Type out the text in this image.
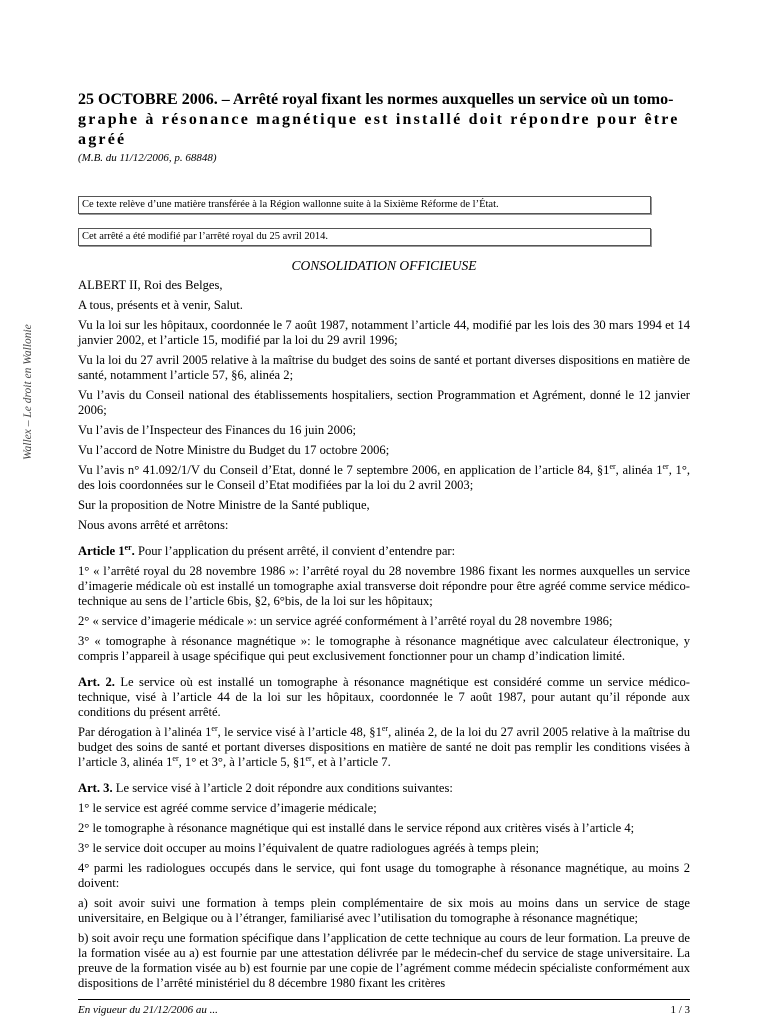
Wallex – Le droit en Wallonie
25 OCTOBRE 2006. – Arrêté royal fixant les normes auxquelles un service où un tomo-
graphe à résonance magnétique est installé doit répondre pour être agréé
(M.B. du 11/12/2006, p. 68848)
Ce texte relève d’une matière transférée à la Région wallonne suite à la Sixième Réforme de l’État.
Cet arrêté a été modifié par l’arrêté royal du 25 avril 2014.
CONSOLIDATION OFFICIEUSE

ALBERT II, Roi des Belges,

A tous, présents et à venir, Salut.

Vu la loi sur les hôpitaux, coordonnée le 7 août 1987, notamment l’article 44, modifié par les lois des 30 mars 1994 et 14 janvier 2002, et l’article 15, modifié par la loi du 29 avril 1996;

Vu la loi du 27 avril 2005 relative à la maîtrise du budget des soins de santé et portant diverses dispositions en matière de santé, notamment l’article 57, §6, alinéa 2;

Vu l’avis du Conseil national des établissements hospitaliers, section Programmation et Agrément, donné le 12 janvier 2006;

Vu l’avis de l’Inspecteur des Finances du 16 juin 2006;

Vu l’accord de Notre Ministre du Budget du 17 octobre 2006;

Vu l’avis n° 41.092/1/V du Conseil d’Etat, donné le 7 septembre 2006, en application de l’article 84, §1er, alinéa 1er, 1°, des lois coordonnées sur le Conseil d’Etat modifiées par la loi du 2 avril 2003;

Sur la proposition de Notre Ministre de la Santé publique,

Nous avons arrêté et arrêtons:

Article 1er. Pour l’application du présent arrêté, il convient d’entendre par:

1° « l’arrêté royal du 28 novembre 1986 »: l’arrêté royal du 28 novembre 1986 fixant les normes auxquelles un service d’imagerie médicale où est installé un tomographe axial transverse doit répondre pour être agréé comme service médico-technique au sens de l’article 6bis, §2, 6°bis, de la loi sur les hôpitaux;

2° « service d’imagerie médicale »: un service agréé conformément à l’arrêté royal du 28 novembre 1986;

3° « tomographe à résonance magnétique »: le tomographe à résonance magnétique avec calculateur électronique, y compris l’appareil à usage spécifique qui peut exclusivement fonctionner pour un champ d’indication limité.

Art. 2. Le service où est installé un tomographe à résonance magnétique est considéré comme un service médico-technique, visé à l’article 44 de la loi sur les hôpitaux, coordonnée le 7 août 1987, pour autant qu’il réponde aux conditions du présent arrêté.

Par dérogation à l’alinéa 1er, le service visé à l’article 48, §1er, alinéa 2, de la loi du 27 avril 2005 relative à la maîtrise du budget des soins de santé et portant diverses dispositions en matière de santé ne doit pas remplir les conditions visées à l’article 3, alinéa 1er, 1° et 3°, à l’article 5, §1er, et à l’article 7.

Art. 3. Le service visé à l’article 2 doit répondre aux conditions suivantes:

1° le service est agréé comme service d’imagerie médicale;

2° le tomographe à résonance magnétique qui est installé dans le service répond aux critères visés à l’article 4;

3° le service doit occuper au moins l’équivalent de quatre radiologues agréés à temps plein;

4° parmi les radiologues occupés dans le service, qui font usage du tomographe à résonance magnétique, au moins 2 doivent:

a) soit avoir suivi une formation à temps plein complémentaire de six mois au moins dans un service de stage universitaire, en Belgique ou à l’étranger, familiarisé avec l’utilisation du tomographe à résonance magnétique;

b) soit avoir reçu une formation spécifique dans l’application de cette technique au cours de leur formation. La preuve de la formation visée au a) est fournie par une attestation délivrée par le médecin-chef du service de stage universitaire. La preuve de la formation visée au b) est fournie par une copie de l’agrément comme médecin spécialiste conformément aux dispositions de l’arrêté ministériel du 8 décembre 1980 fixant les critères

En vigueur du 21/12/2006 au ...	1 / 3
